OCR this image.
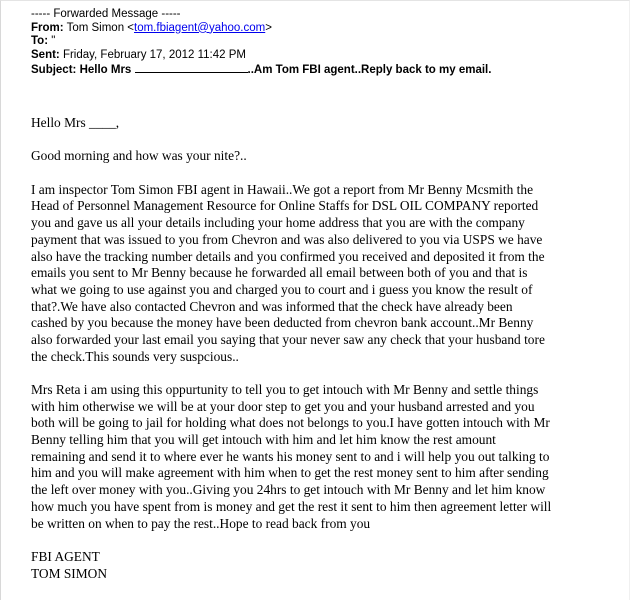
----- Forwarded Message -----
From: Tom Simon <tom.fbiagent@yahoo.com>
To: "
Sent: Friday, February 17, 2012 11:42 PM
Subject: Hello Mrs	..Am Tom FBI agent..Reply back to my email.

Hello Mrs ____,

Good morning and how was your nite?..

I am inspector Tom Simon FBI agent in Hawaii..We got a report from Mr Benny Mcsmith the

Head of Personnel Management Resource for Online Staffs for DSL OIL COMPANY reported

you and gave us all your details including your home address that you are with the company

payment that was issued to you from Chevron and was also delivered to you via USPS we have

also have the tracking number details and you confirmed you received and deposited it from the

emails you sent to Mr Benny because he forwarded all email between both of you and that is

what we going to use against you and charged you to court and i guess you know the result of

that?.We have also contacted Chevron and was informed that the check have already been

cashed by you because the money have been deducted from chevron bank account..Mr Benny

also forwarded your last email you saying that your never saw any check that your husband tore

the check.This sounds very suspcious..

Mrs Reta i am using this oppurtunity to tell you to get intouch with Mr Benny and settle things

with him otherwise we will be at your door step to get you and your husband arrested and you

both will be going to jail for holding what does not belongs to you.I have gotten intouch with Mr

Benny telling him that you will get intouch with him and let him know the rest amount

remaining and send it to where ever he wants his money sent to and i will help you out talking to

him and you will make agreement with him when to get the rest money sent to him after sending

the left over money with you..Giving you 24hrs to get intouch with Mr Benny and let him know

how much you have spent from is money and get the rest it sent to him then agreement letter will

be written on when to pay the rest..Hope to read back from you

FBI AGENT

TOM SIMON
